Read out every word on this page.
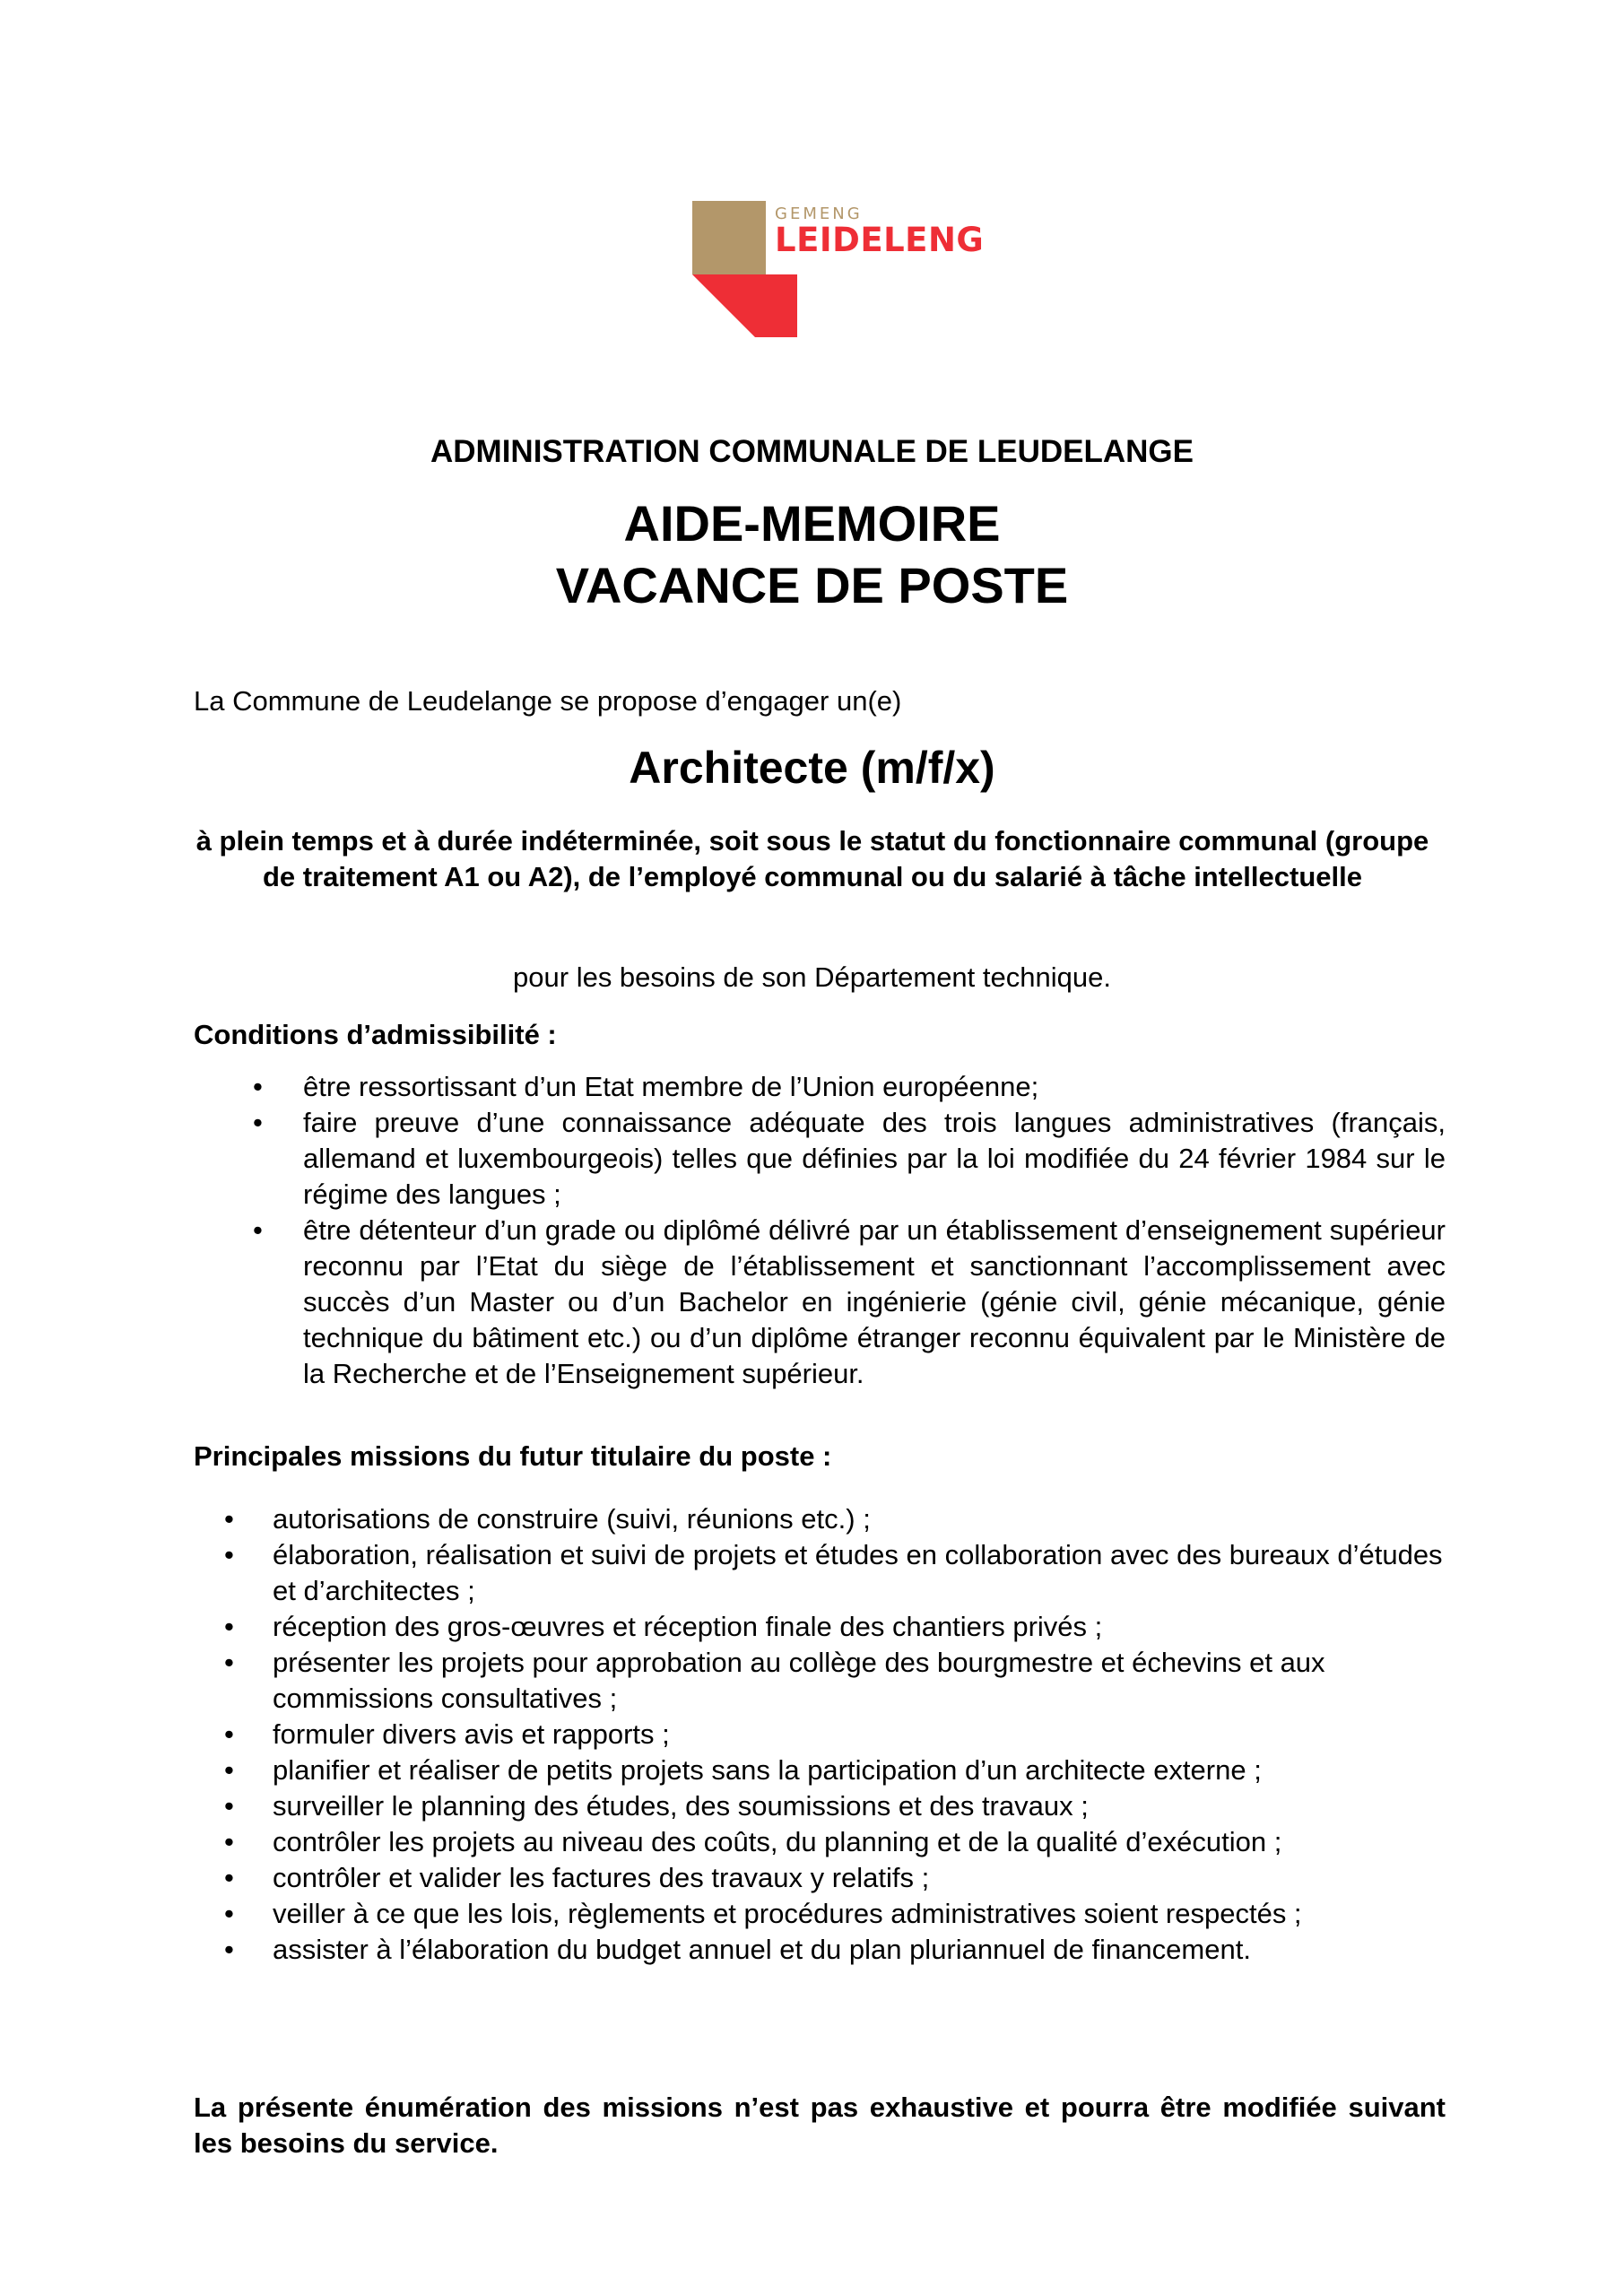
GEMENG
LEIDELENG
ADMINISTRATION COMMUNALE DE LEUDELANGE
AIDE-MEMOIRE
VACANCE DE POSTE
La Commune de Leudelange se propose d’engager un(e)
Architecte (m/f/x)
à plein temps et à durée indéterminée, soit sous le statut du fonctionnaire communal (groupe de traitement A1 ou A2), de l’employé communal ou du salarié à tâche intellectuelle
pour les besoins de son Département technique.
Conditions d’admissibilité :
• être ressortissant d’un Etat membre de l’Union européenne;
• faire preuve d’une connaissance adéquate des trois langues administratives (français, allemand et luxembourgeois) telles que définies par la loi modifiée du 24 février 1984 sur le régime des langues ;
• être détenteur d’un grade ou diplômé délivré par un établissement d’enseignement supérieur reconnu par l’Etat du siège de l’établissement et sanctionnant l’accomplissement avec succès d’un Master ou d’un Bachelor en ingénierie (génie civil, génie mécanique, génie technique du bâtiment etc.) ou d’un diplôme étranger reconnu équivalent par le Ministère de la Recherche et de l’Enseignement supérieur.
Principales missions du futur titulaire du poste :
• autorisations de construire (suivi, réunions etc.) ;
• élaboration, réalisation et suivi de projets et études en collaboration avec des bureaux d’études et d’architectes ;
• réception des gros-œuvres et réception finale des chantiers privés ;
• présenter les projets pour approbation au collège des bourgmestre et échevins et aux commissions consultatives ;
• formuler divers avis et rapports ;
• planifier et réaliser de petits projets sans la participation d’un architecte externe ;
• surveiller le planning des études, des soumissions et des travaux ;
• contrôler les projets au niveau des coûts, du planning et de la qualité d’exécution ;
• contrôler et valider les factures des travaux y relatifs ;
• veiller à ce que les lois, règlements et procédures administratives soient respectés ;
• assister à l’élaboration du budget annuel et du plan pluriannuel de financement.
La présente énumération des missions n’est pas exhaustive et pourra être modifiée suivant les besoins du service.
